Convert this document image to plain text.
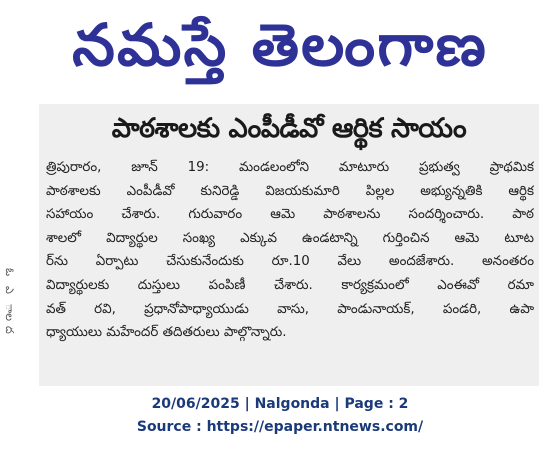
నమస్తే తెలంగాణ
ఓ
ఎ
ాల
ద
పాఠశాలకు ఎంపీడీవో ఆర్థిక సాయం
త్రిపురారం, జూన్ 19: మండలంలోని మాటూరు ప్రభుత్వ ప్రాథమిక
పాఠశాలకు ఎంపీడీవో కునిరెడ్డి విజయకుమారి పిల్లల అభ్యున్నతికి ఆర్థిక
సహాయం చేశారు. గురువారం ఆమె పాఠశాలను సందర్శించారు. పాఠ
శాలలో విద్యార్థుల సంఖ్య ఎక్కువ ఉండటాన్ని గుర్తించిన ఆమె టూట
ర్‌ను ఏర్పాటు చేసుకునేందుకు రూ.10 వేలు అందజేశారు. అనంతరం
విద్యార్థులకు దుస్తులు పంపిణీ చేశారు. కార్యక్రమంలో ఎంఈవో రమా
వత్ రవి, ప్రధానోపాధ్యాయుడు వాసు, పాండునాయక్, పండరి, ఉపా
ధ్యాయులు మహేందర్ తదితరులు పాల్గొన్నారు.
20/06/2025 | Nalgonda | Page : 2
Source : https://epaper.ntnews.com/
